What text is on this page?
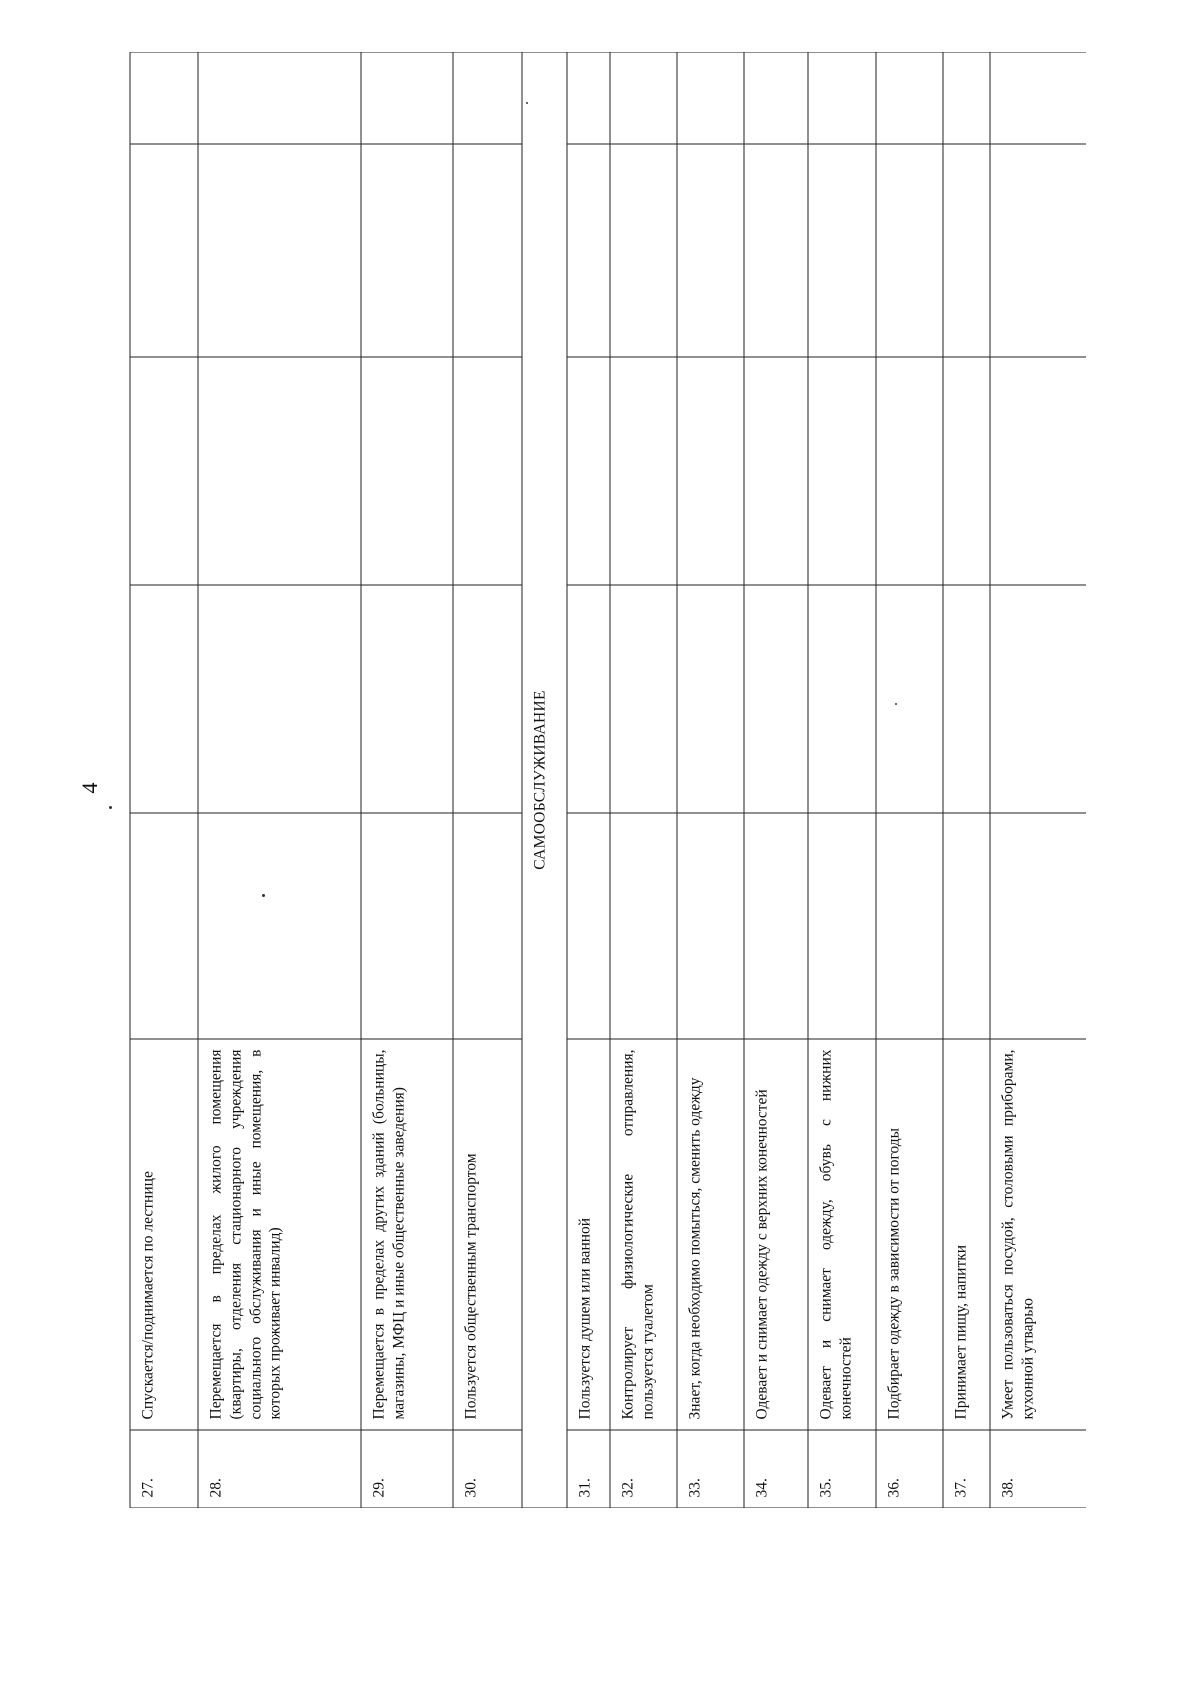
4
27.	Спускается/поднимается по лестнице					
28.	Перемещается в пределах жилого помещения (квартиры, отделения стационарного учреждения социального обслуживания и иные помещения, в которых проживает инвалид)					
29.	Перемещается в пределах других зданий (больницы, магазины, МФЦ и иные общественные заведения)					
30.	Пользуется общественным транспортом					
САМООБСЛУЖИВАНИЕ						
31.	Пользуется душем или ванной					
32.	Контролирует физиологические отправления, пользуется туалетом					
33.	Знает, когда необходимо помыться, сменить одежду					
34.	Одевает и снимает одежду с верхних конечностей					
35.	Одевает и снимает одежду, обувь с нижних конечностей					
36.	Подбирает одежду в зависимости от погоды					
37.	Принимает пищу, напитки					
38.	Умеет пользоваться посудой, столовыми приборами, кухонной утварью					
